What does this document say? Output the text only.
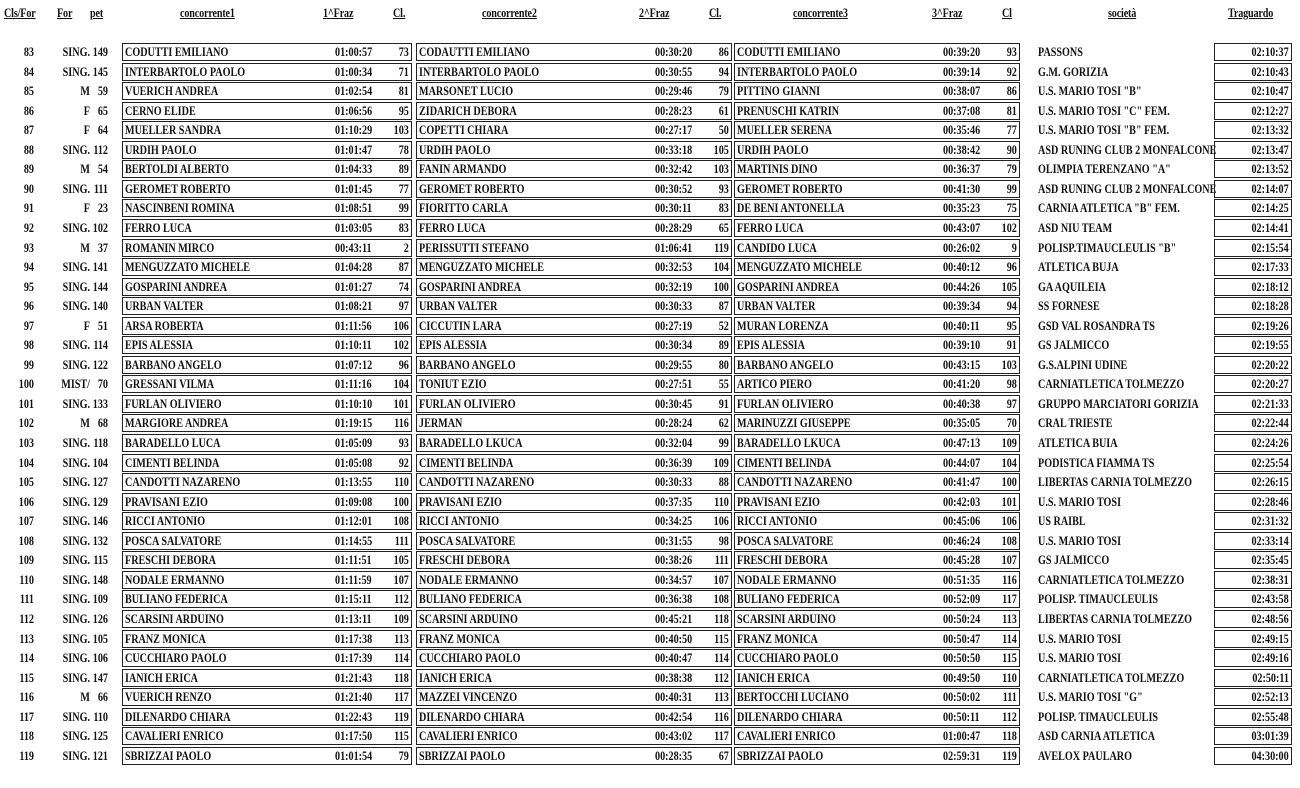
Cls/For For pet	concorrente1	1^Fraz	Cl.	concorrente2	2^Fraz	Cl.	concorrente3	3^Fraz	Cl	società	Traguardo
83 SING. 149 CODUTTI EMILIANO	01:00:57	73 CODAUTTI EMILIANO	00:30:20	86 CODUTTI EMILIANO	00:39:20	93 PASSONS	02:10:37
84 SING. 145 INTERBARTOLO PAOLO	01:00:34	71 INTERBARTOLO PAOLO	00:30:55	94 INTERBARTOLO PAOLO	00:39:14	92 G.M. GORIZIA	02:10:43
85	M 59 VUERICH ANDREA	01:02:54	81 MARSONET LUCIO	00:29:46	79 PITTINO GIANNI	00:38:07	86 U.S. MARIO TOSI "B"	02:10:47
86	F 65 CERNO ELIDE	01:06:56	95 ZIDARICH DEBORA	00:28:23	61 PRENUSCHI KATRIN	00:37:08	81 U.S. MARIO TOSI "C" FEM.	02:12:27
87	F 64 MUELLER SANDRA	01:10:29	103 COPETTI CHIARA	00:27:17	50 MUELLER SERENA	00:35:46	77 U.S. MARIO TOSI "B" FEM.	02:13:32
88 SING. 112 URDIH PAOLO	01:01:47	78 URDIH PAOLO	00:33:18	105 URDIH PAOLO	00:38:42	90 ASD RUNING CLUB 2 MONFALCONE	02:13:47
89	M 54 BERTOLDI ALBERTO	01:04:33	89 FANIN ARMANDO	00:32:42	103 MARTINIS DINO	00:36:37	79 OLIMPIA TERENZANO "A"	02:13:52
90 SING. 111 GEROMET ROBERTO	01:01:45	77 GEROMET ROBERTO	00:30:52	93 GEROMET ROBERTO	00:41:30	99 ASD RUNING CLUB 2 MONFALCONE	02:14:07
91	F 23 NASCINBENI ROMINA	01:08:51	99 FIORITTO CARLA	00:30:11	83 DE BENI ANTONELLA	00:35:23	75 CARNIA ATLETICA "B" FEM.	02:14:25
92 SING. 102 FERRO LUCA	01:03:05	83 FERRO LUCA	00:28:29	65 FERRO LUCA	00:43:07	102 ASD NIU TEAM	02:14:41
93	M 37 ROMANIN MIRCO	00:43:11	2 PERISSUTTI STEFANO	01:06:41	119 CANDIDO LUCA	00:26:02	9 POLISP.TIMAUCLEULIS "B"	02:15:54
94 SING. 141 MENGUZZATO MICHELE	01:04:28	87 MENGUZZATO MICHELE	00:32:53	104 MENGUZZATO MICHELE	00:40:12	96 ATLETICA BUJA	02:17:33
95 SING. 144 GOSPARINI ANDREA	01:01:27	74 GOSPARINI ANDREA	00:32:19	100 GOSPARINI ANDREA	00:44:26	105 GA AQUILEIA	02:18:12
96 SING. 140 URBAN VALTER	01:08:21	97 URBAN VALTER	00:30:33	87 URBAN VALTER	00:39:34	94 SS FORNESE	02:18:28
97	F 51 ARSA ROBERTA	01:11:56	106 CICCUTIN LARA	00:27:19	52 MURAN LORENZA	00:40:11	95 GSD VAL ROSANDRA TS	02:19:26
98 SING. 114 EPIS ALESSIA	01:10:11	102 EPIS ALESSIA	00:30:34	89 EPIS ALESSIA	00:39:10	91 GS JALMICCO	02:19:55
99 SING. 122 BARBANO ANGELO	01:07:12	96 BARBANO ANGELO	00:29:55	80 BARBANO ANGELO	00:43:15	103 G.S.ALPINI UDINE	02:20:22
100 MIST/ 70 GRESSANI VILMA	01:11:16	104 TONIUT EZIO	00:27:51	55 ARTICO PIERO	00:41:20	98 CARNIATLETICA TOLMEZZO	02:20:27
101 SING. 133 FURLAN OLIVIERO	01:10:10	101 FURLAN OLIVIERO	00:30:45	91 FURLAN OLIVIERO	00:40:38	97 GRUPPO MARCIATORI GORIZIA	02:21:33
102	M 68 MARGIORE ANDREA	01:19:15	116 JERMAN	00:28:24	62 MARINUZZI GIUSEPPE	00:35:05	70 CRAL TRIESTE	02:22:44
103 SING. 118 BARADELLO LUCA	01:05:09	93 BARADELLO LKUCA	00:32:04	99 BARADELLO LKUCA	00:47:13	109 ATLETICA BUIA	02:24:26
104 SING. 104 CIMENTI BELINDA	01:05:08	92 CIMENTI BELINDA	00:36:39	109 CIMENTI BELINDA	00:44:07	104 PODISTICA FIAMMA TS	02:25:54
105 SING. 127 CANDOTTI NAZARENO	01:13:55	110 CANDOTTI NAZARENO	00:30:33	88 CANDOTTI NAZARENO	00:41:47	100 LIBERTAS CARNIA TOLMEZZO	02:26:15
106 SING. 129 PRAVISANI EZIO	01:09:08	100 PRAVISANI EZIO	00:37:35	110 PRAVISANI EZIO	00:42:03	101 U.S. MARIO TOSI	02:28:46
107 SING. 146 RICCI ANTONIO	01:12:01	108 RICCI ANTONIO	00:34:25	106 RICCI ANTONIO	00:45:06	106 US RAIBL	02:31:32
108 SING. 132 POSCA SALVATORE	01:14:55	111 POSCA SALVATORE	00:31:55	98 POSCA SALVATORE	00:46:24	108 U.S. MARIO TOSI	02:33:14
109 SING. 115 FRESCHI DEBORA	01:11:51	105 FRESCHI DEBORA	00:38:26	111 FRESCHI DEBORA	00:45:28	107 GS JALMICCO	02:35:45
110 SING. 148 NODALE ERMANNO	01:11:59	107 NODALE ERMANNO	00:34:57	107 NODALE ERMANNO	00:51:35	116 CARNIATLETICA TOLMEZZO	02:38:31
111 SING. 109 BULIANO FEDERICA	01:15:11	112 BULIANO FEDERICA	00:36:38	108 BULIANO FEDERICA	00:52:09	117 POLISP. TIMAUCLEULIS	02:43:58
112 SING. 126 SCARSINI ARDUINO	01:13:11	109 SCARSINI ARDUINO	00:45:21	118 SCARSINI ARDUINO	00:50:24	113 LIBERTAS CARNIA TOLMEZZO	02:48:56
113 SING. 105 FRANZ MONICA	01:17:38	113 FRANZ MONICA	00:40:50	115 FRANZ MONICA	00:50:47	114 U.S. MARIO TOSI	02:49:15
114 SING. 106 CUCCHIARO PAOLO	01:17:39	114 CUCCHIARO PAOLO	00:40:47	114 CUCCHIARO PAOLO	00:50:50	115 U.S. MARIO TOSI	02:49:16
115 SING. 147 IANICH ERICA	01:21:43	118 IANICH ERICA	00:38:38	112 IANICH ERICA	00:49:50	110 CARNIATLETICA TOLMEZZO	02:50:11
116	M 66 VUERICH RENZO	01:21:40	117 MAZZEI VINCENZO	00:40:31	113 BERTOCCHI LUCIANO	00:50:02	111 U.S. MARIO TOSI "G"	02:52:13
117 SING. 110 DILENARDO CHIARA	01:22:43	119 DILENARDO CHIARA	00:42:54	116 DILENARDO CHIARA	00:50:11	112 POLISP. TIMAUCLEULIS	02:55:48
118 SING. 125 CAVALIERI ENRICO	01:17:50	115 CAVALIERI ENRICO	00:43:02	117 CAVALIERI ENRICO	01:00:47	118 ASD CARNIA ATLETICA	03:01:39
119 SING. 121 SBRIZZAI PAOLO	01:01:54	79 SBRIZZAI PAOLO	00:28:35	67 SBRIZZAI PAOLO	02:59:31	119 AVELOX PAULARO	04:30:00
